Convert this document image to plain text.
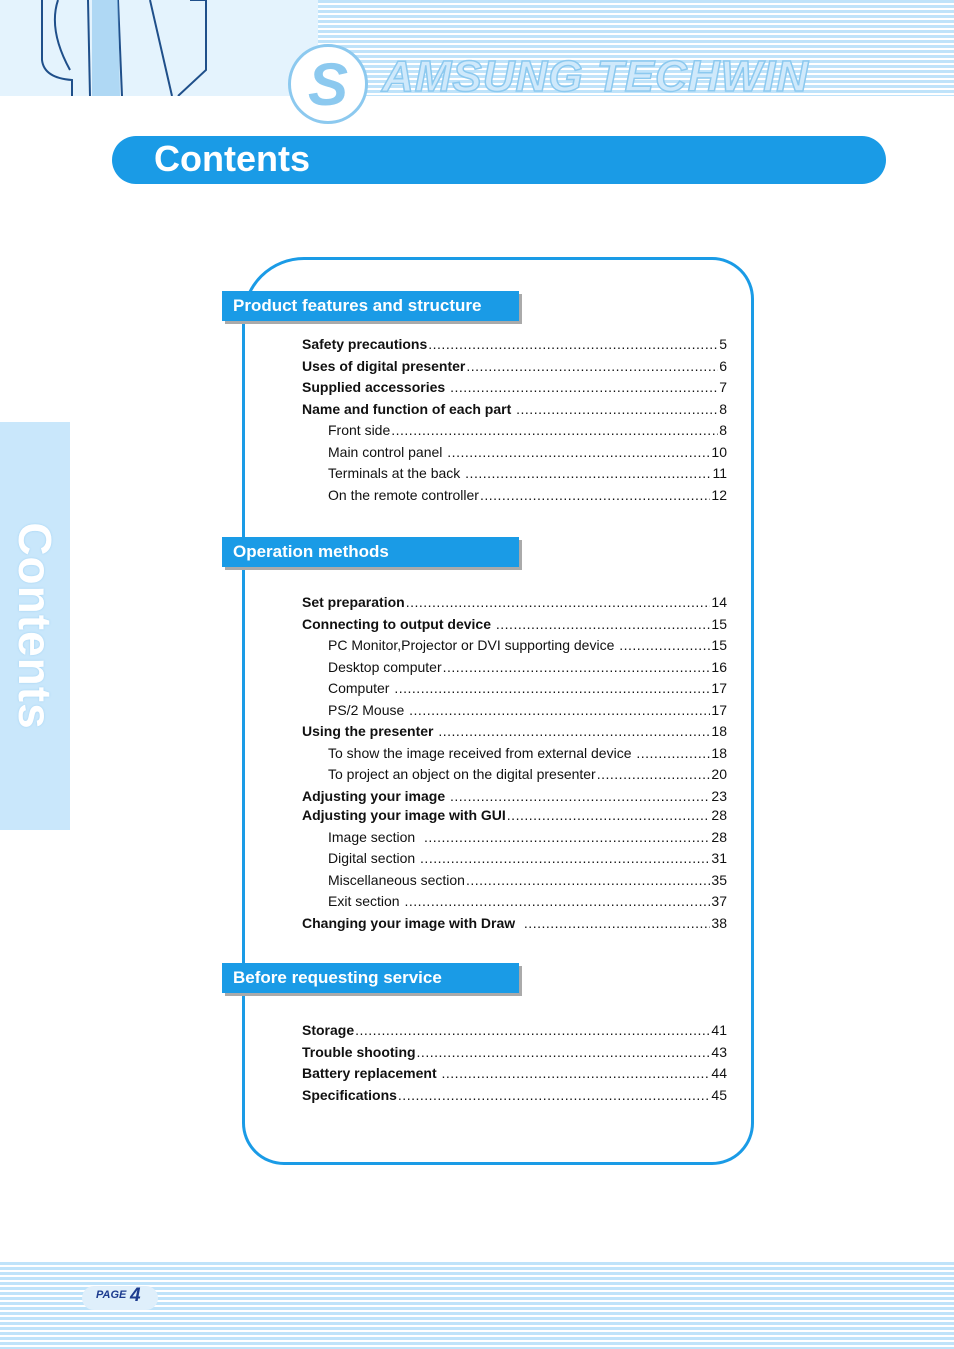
S AMSUNG TECHWIN
Contents
Contents
Product features and structure
Safety precautions .....	5
Uses of digital presenter .....	6
Supplied accessories .....	7
Name and function of each part .....	8
Front side .....	8
Main control panel .....	10
Terminals at the back .....	11
On the remote controller .....	12
Operation methods
Set preparation .....	14
Connecting to output device .....	15
PC Monitor,Projector or DVI supporting device .....	15
Desktop computer .....	16
Computer .....	17
PS/2 Mouse .....	17
Using the presenter .....	18
To show the image received from external device .....	18
To project an object on the digital presenter .....	20
Adjusting your image .....	23
Adjusting your image with GUI .....	28
Image section .....	28
Digital section .....	31
Miscellaneous section .....	35
Exit section .....	37
Changing your image with Draw .....	38
Before requesting service
Storage .....	41
Trouble shooting .....	43
Battery replacement .....	44
Specifications .....	45
PAGE 4
